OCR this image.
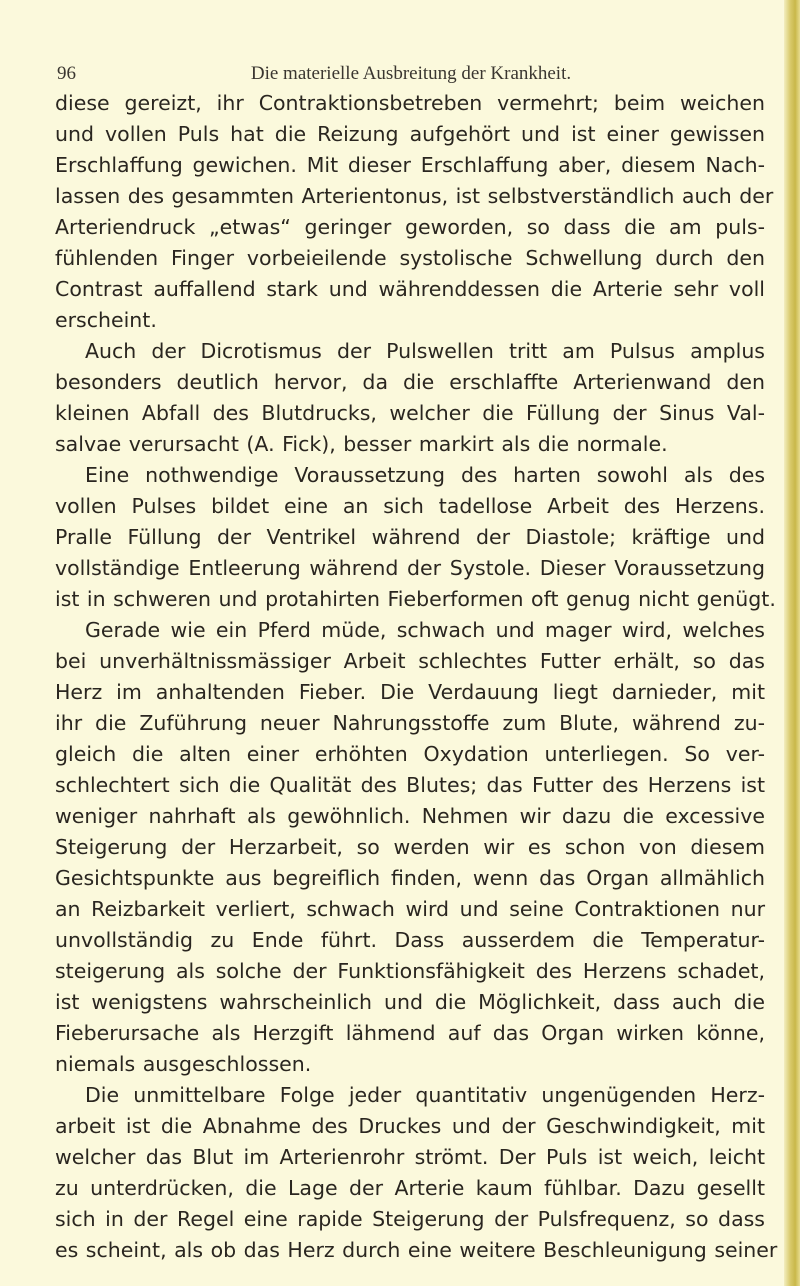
96	Die materielle Ausbreitung der Krankheit.
diese gereizt, ihr Contraktionsbetreben vermehrt; beim weichen
und vollen Puls hat die Reizung aufgehört und ist einer gewissen
Erschlaffung gewichen. Mit dieser Erschlaffung aber, diesem Nach-
lassen des gesammten Arterientonus, ist selbstverständlich auch der
Arteriendruck „etwas“ geringer geworden, so dass die am puls-
fühlenden Finger vorbeieilende systolische Schwellung durch den
Contrast auffallend stark und währenddessen die Arterie sehr voll
erscheint.
Auch der Dicrotismus der Pulswellen tritt am Pulsus amplus
besonders deutlich hervor, da die erschlaffte Arterienwand den
kleinen Abfall des Blutdrucks, welcher die Füllung der Sinus Val-
salvae verursacht (A. Fick), besser markirt als die normale.
Eine nothwendige Voraussetzung des harten sowohl als des
vollen Pulses bildet eine an sich tadellose Arbeit des Herzens.
Pralle Füllung der Ventrikel während der Diastole; kräftige und
vollständige Entleerung während der Systole. Dieser Voraussetzung
ist in schweren und protahirten Fieberformen oft genug nicht genügt.
Gerade wie ein Pferd müde, schwach und mager wird, welches
bei unverhältnissmässiger Arbeit schlechtes Futter erhält, so das
Herz im anhaltenden Fieber. Die Verdauung liegt darnieder, mit
ihr die Zuführung neuer Nahrungsstoffe zum Blute, während zu-
gleich die alten einer erhöhten Oxydation unterliegen. So ver-
schlechtert sich die Qualität des Blutes; das Futter des Herzens ist
weniger nahrhaft als gewöhnlich. Nehmen wir dazu die excessive
Steigerung der Herzarbeit, so werden wir es schon von diesem
Gesichtspunkte aus begreiflich finden, wenn das Organ allmählich
an Reizbarkeit verliert, schwach wird und seine Contraktionen nur
unvollständig zu Ende führt. Dass ausserdem die Temperatur-
steigerung als solche der Funktionsfähigkeit des Herzens schadet,
ist wenigstens wahrscheinlich und die Möglichkeit, dass auch die
Fieberursache als Herzgift lähmend auf das Organ wirken könne,
niemals ausgeschlossen.
Die unmittelbare Folge jeder quantitativ ungenügenden Herz-
arbeit ist die Abnahme des Druckes und der Geschwindigkeit, mit
welcher das Blut im Arterienrohr strömt. Der Puls ist weich, leicht
zu unterdrücken, die Lage der Arterie kaum fühlbar. Dazu gesellt
sich in der Regel eine rapide Steigerung der Pulsfrequenz, so dass
es scheint, als ob das Herz durch eine weitere Beschleunigung seiner
